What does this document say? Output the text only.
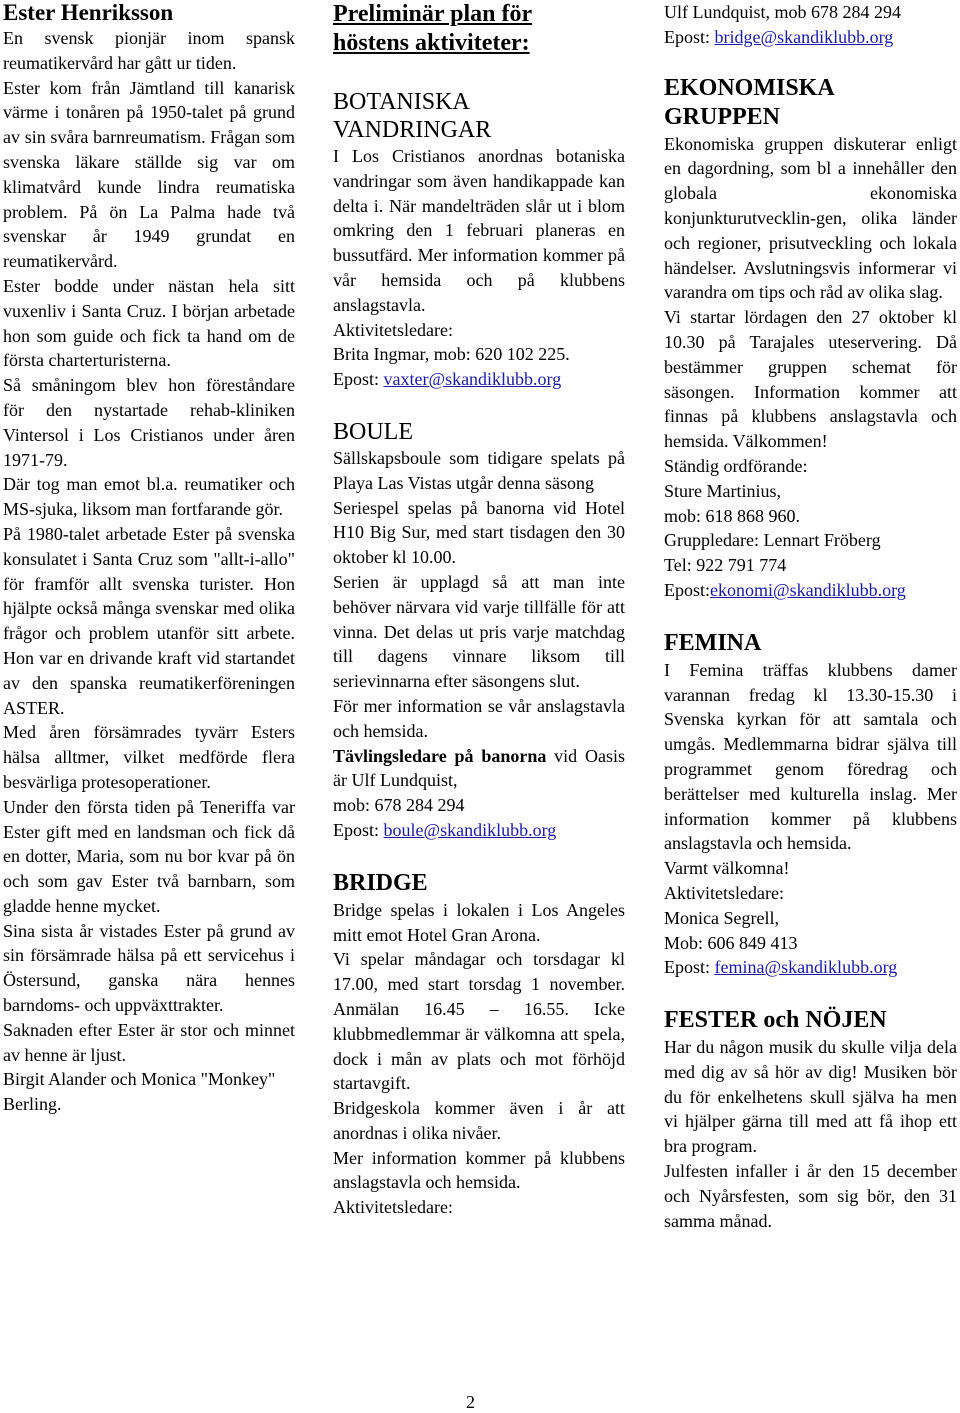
Ester Henriksson

En svensk pionjär inom spansk reumatikervård har gått ur tiden.

Ester kom från Jämtland till kanarisk värme i tonåren på 1950-talet på grund av sin svåra barnreumatism. Frågan som svenska läkare ställde sig var om klimatvård kunde lindra reumatiska problem. På ön La Palma hade två svenskar år 1949 grundat en reumatikervård.

Ester bodde under nästan hela sitt vuxenliv i Santa Cruz. I början arbetade hon som guide och fick ta hand om de första charterturisterna.

Så småningom blev hon föreståndare för den nystartade rehab-kliniken Vintersol i Los Cristianos under åren 1971-79.

Där tog man emot bl.a. reumatiker och MS-sjuka, liksom man fortfarande gör.

På 1980-talet arbetade Ester på svenska konsulatet i Santa Cruz som "allt-i-allo" för framför allt svenska turister. Hon hjälpte också många svenskar med olika frågor och problem utanför sitt arbete. Hon var en drivande kraft vid startandet av den spanska reumatikerföreningen ASTER.

Med åren försämrades tyvärr Esters hälsa alltmer, vilket medförde flera besvärliga protesoperationer.

Under den första tiden på Teneriffa var Ester gift med en landsman och fick då en dotter, Maria, som nu bor kvar på ön och som gav Ester två barnbarn, som gladde henne mycket.

Sina sista år vistades Ester på grund av sin försämrade hälsa på ett servicehus i Östersund, ganska nära hennes barndoms- och uppväxttrakter.

Saknaden efter Ester är stor och minnet av henne är ljust.

Birgit Alander och Monica "Monkey" Berling.

Preliminär plan för
höstens aktiviteter:

BOTANISKA
VANDRINGAR

I Los Cristianos anordnas botaniska vandringar som även handikappade kan delta i. När mandelträden slår ut i blom omkring den 1 februari planeras en bussutfärd. Mer information kommer på vår hemsida och på klubbens anslagstavla.

Aktivitetsledare:

Brita Ingmar, mob: 620 102 225.

Epost: vaxter@skandiklubb.org

BOULE

Sällskapsboule som tidigare spelats på Playa Las Vistas utgår denna säsong

Seriespel spelas på banorna vid Hotel H10 Big Sur, med start tisdagen den 30 oktober kl 10.00.

Serien är upplagd så att man inte behöver närvara vid varje tillfälle för att vinna. Det delas ut pris varje matchdag till dagens vinnare liksom till serievinnarna efter säsongens slut.

För mer information se vår anslagstavla och hemsida.

Tävlingsledare på banorna vid Oasis är Ulf Lundquist,

mob: 678 284 294

Epost: boule@skandiklubb.org

BRIDGE

Bridge spelas i lokalen i Los Angeles mitt emot Hotel Gran Arona.

Vi spelar måndagar och torsdagar kl 17.00, med start torsdag 1 november. Anmälan 16.45 – 16.55. Icke klubbmedlemmar är välkomna att spela, dock i mån av plats och mot förhöjd startavgift.

Bridgeskola kommer även i år att anordnas i olika nivåer.

Mer information kommer på klubbens anslagstavla och hemsida.

Aktivitetsledare:

Ulf Lundquist, mob 678 284 294

Epost: bridge@skandiklubb.org

EKONOMISKA
GRUPPEN

Ekonomiska gruppen diskuterar enligt en dagordning, som bl a innehåller den globala ekonomiska konjunkturutvecklin-gen, olika länder och regioner, prisutveckling och lokala händelser. Avslutningsvis informerar vi varandra om tips och råd av olika slag.

Vi startar lördagen den 27 oktober kl 10.30 på Tarajales uteservering. Då bestämmer gruppen schemat för säsongen. Information kommer att finnas på klubbens anslagstavla och hemsida. Välkommen!

Ständig ordförande:

Sture Martinius,

mob: 618 868 960.

Gruppledare: Lennart Fröberg

Tel: 922 791 774

Epost:ekonomi@skandiklubb.org

FEMINA

I Femina träffas klubbens damer varannan fredag kl 13.30-15.30 i Svenska kyrkan för att samtala och umgås. Medlemmarna bidrar själva till programmet genom föredrag och berättelser med kulturella inslag. Mer information kommer på klubbens anslagstavla och hemsida.

Varmt välkomna!

Aktivitetsledare:

Monica Segrell,

Mob: 606 849 413

Epost: femina@skandiklubb.org

FESTER och NÖJEN

Har du någon musik du skulle vilja dela med dig av så hör av dig! Musiken bör du för enkelhetens skull själva ha men vi hjälper gärna till med att få ihop ett bra program.

Julfesten infaller i år den 15 december och Nyårsfesten, som sig bör, den 31 samma månad.

2
